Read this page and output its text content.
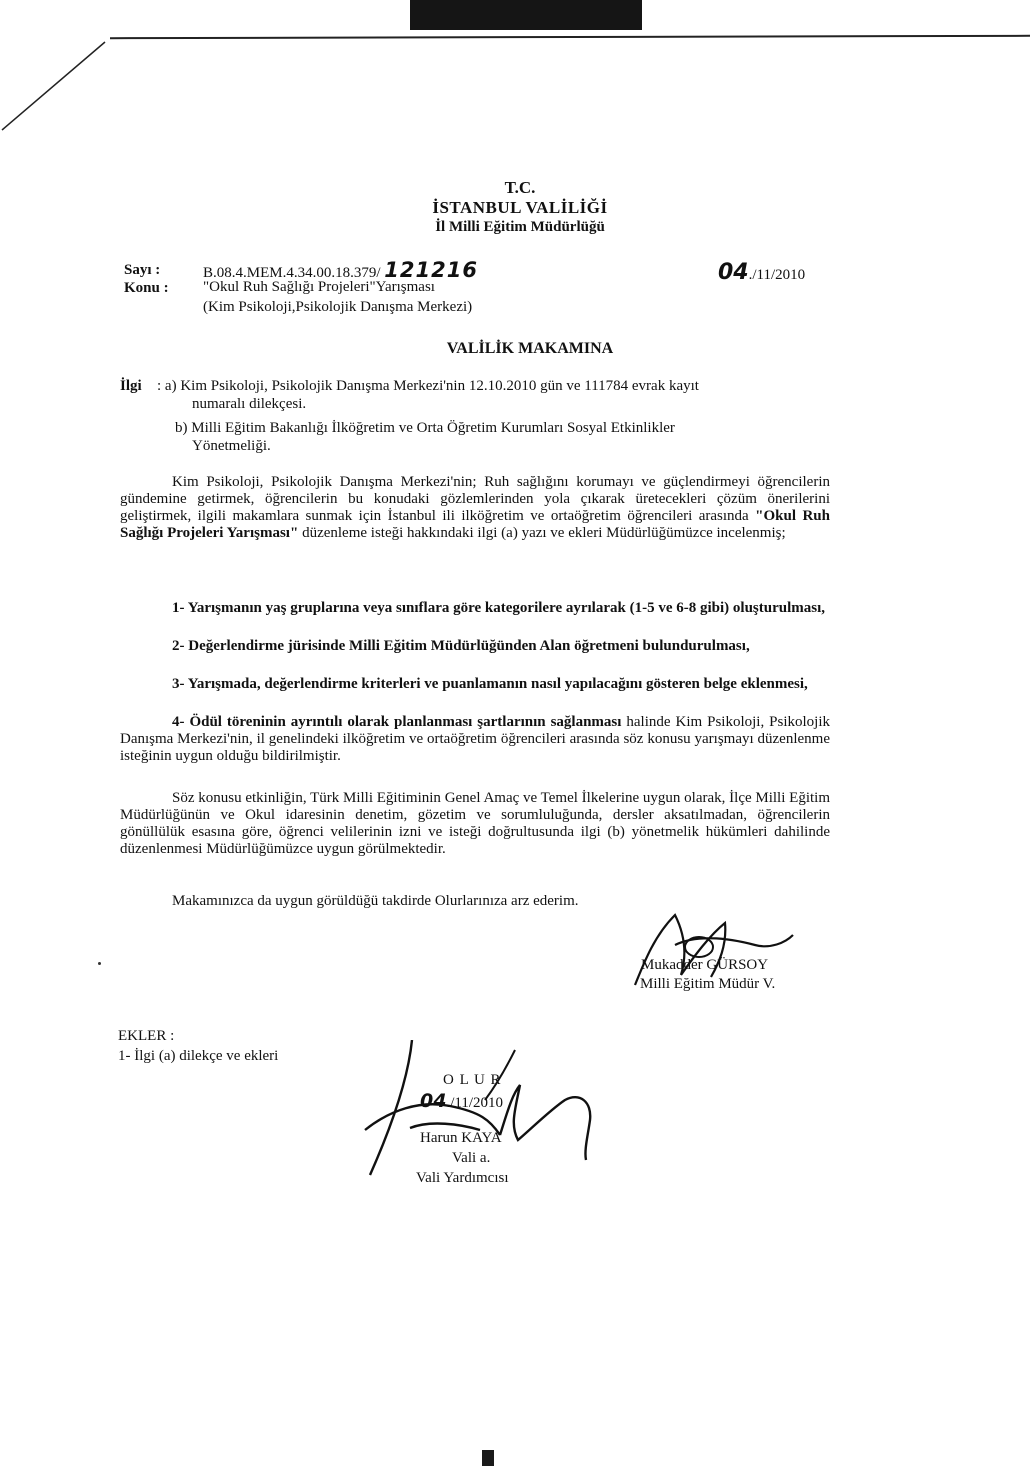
T.C.
İSTANBUL VALİLİĞİ
İl Milli Eğitim Müdürlüğü
Sayı :	B.08.4.MEM.4.34.00.18.379/ 121216	04./11/2010
Konu : "Okul Ruh Sağlığı Projeleri"Yarışması
(Kim Psikoloji,Psikolojik Danışma Merkezi)
VALİLİK MAKAMINA
İlgi : a) Kim Psikoloji, Psikolojik Danışma Merkezi'nin 12.10.2010 gün ve 111784 evrak kayıt
numaralı dilekçesi.
b) Milli Eğitim Bakanlığı İlköğretim ve Orta Öğretim Kurumları Sosyal Etkinlikler
Yönetmeliği.
Kim Psikoloji, Psikolojik Danışma Merkezi'nin; Ruh sağlığını korumayı ve güçlendirmeyi öğrencilerin gündemine getirmek, öğrencilerin bu konudaki gözlemlerinden yola çıkarak üretecekleri çözüm önerilerini geliştirmek, ilgili makamlara sunmak için İstanbul ili ilköğretim ve ortaöğretim öğrencileri arasında "Okul Ruh Sağlığı Projeleri Yarışması" düzenleme isteği hakkındaki ilgi (a) yazı ve ekleri Müdürlüğümüzce incelenmiş;
1- Yarışmanın yaş gruplarına veya sınıflara göre kategorilere ayrılarak (1-5 ve 6-8 gibi) oluşturulması,
2- Değerlendirme jürisinde Milli Eğitim Müdürlüğünden Alan öğretmeni bulundurulması,
3- Yarışmada, değerlendirme kriterleri ve puanlamanın nasıl yapılacağını gösteren belge eklenmesi,
4- Ödül töreninin ayrıntılı olarak planlanması şartlarının sağlanması halinde Kim Psikoloji, Psikolojik Danışma Merkezi'nin, il genelindeki ilköğretim ve ortaöğretim öğrencileri arasında söz konusu yarışmayı düzenlenme isteğinin uygun olduğu bildirilmiştir.
Söz konusu etkinliğin, Türk Milli Eğitiminin Genel Amaç ve Temel İlkelerine uygun olarak, İlçe Milli Eğitim Müdürlüğünün ve Okul idaresinin denetim, gözetim ve sorumluluğunda, dersler aksatılmadan, öğrencilerin gönüllülük esasına göre, öğrenci velilerinin izni ve isteği doğrultusunda ilgi (b) yönetmelik hükümleri dahilinde düzenlenmesi Müdürlüğümüzce uygun görülmektedir.
Makamınızca da uygun görüldüğü takdirde Olurlarınıza arz ederim.
Mukadder GÜRSOY
Milli Eğitim Müdür V.
EKLER :
1- İlgi (a) dilekçe ve ekleri
O L U R
04./11/2010
Harun KAYA
Vali a.
Vali Yardımcısı
